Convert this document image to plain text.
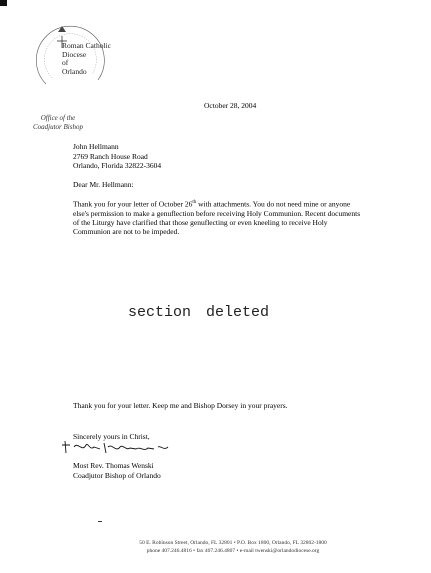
Roman Catholic
Diocese
of
Orlando
Office of the Coadjutor Bishop
October 28, 2004
John Hellmann
2769 Ranch House Road
Orlando, Florida 32822-3604
Dear Mr. Hellmann:
Thank you for your letter of October 26th with attachments. You do not need mine or anyone else's permission to make a genuflection before receiving Holy Communion. Recent documents of the Liturgy have clarified that those genuflecting or even kneeling to receive Holy Communion are not to be impeded.
section deleted
Thank you for your letter. Keep me and Bishop Dorsey in your prayers.
Sincerely yours in Christ,
Most Rev. Thomas Wenski
Coadjutor Bishop of Orlando
50 E. Robinson Street, Orlando, FL 32801 • P.O. Box 1800, Orlando, FL 32802-1800
phone 407.246.4816 • fax 407.246.4807 • e-mail twenski@orlandodiocese.org
